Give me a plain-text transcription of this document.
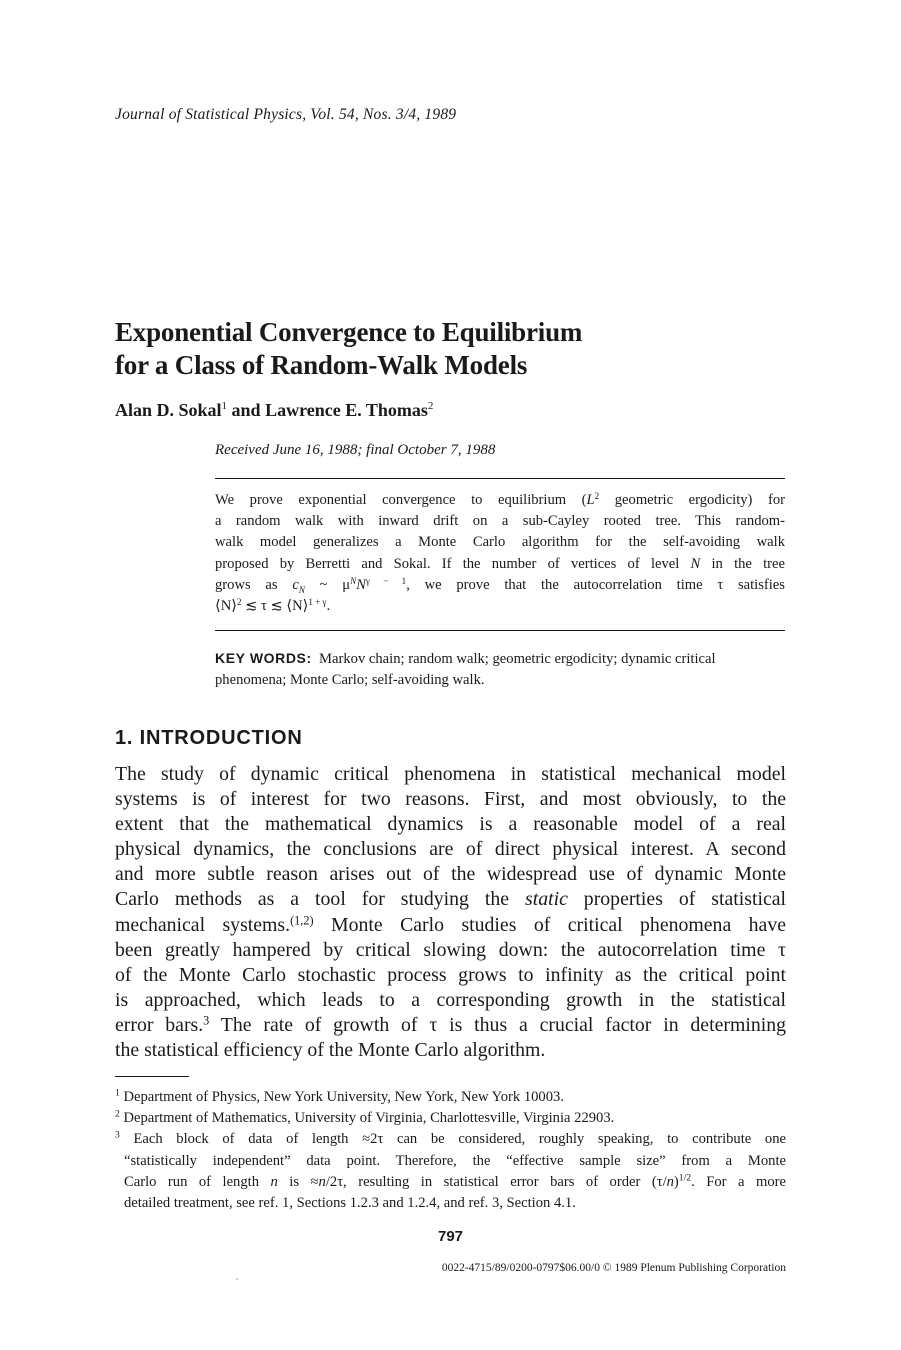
Journal of Statistical Physics, Vol. 54, Nos. 3/4, 1989
Exponential Convergence to Equilibrium
for a Class of Random-Walk Models
Alan D. Sokal$^1$ and Lawrence E. Thomas$^2$
Received June 16, 1988; final October 7, 1988
We prove exponential convergence to equilibrium ($L^2$ geometric ergodicity) for
a random walk with inward drift on a sub-Cayley rooted tree. This random-
walk model generalizes a Monte Carlo algorithm for the self-avoiding walk
proposed by Berretti and Sokal. If the number of vertices of level N in the tree
grows as $c_N$ ~ $\mu^NN^{\gamma - 1}$, we prove that the autocorrelation time τ satisfies
⟨N⟩$^2$ ≲ τ ≲ ⟨N⟩$^{1 + \gamma}$.
KEY WORDS: Markov chain; random walk; geometric ergodicity; dynamic critical phenomena; Monte Carlo; self-avoiding walk.
1. INTRODUCTION
The study of dynamic critical phenomena in statistical mechanical model
systems is of interest for two reasons. First, and most obviously, to the
extent that the mathematical dynamics is a reasonable model of a real
physical dynamics, the conclusions are of direct physical interest. A second
and more subtle reason arises out of the widespread use of dynamic Monte
Carlo methods as a tool for studying the static properties of statistical
mechanical systems.$^{(1,2)}$ Monte Carlo studies of critical phenomena have
been greatly hampered by critical slowing down: the autocorrelation time τ
of the Monte Carlo stochastic process grows to infinity as the critical point
is approached, which leads to a corresponding growth in the statistical
error bars.$^3$ The rate of growth of τ is thus a crucial factor in determining
the statistical efficiency of the Monte Carlo algorithm.
$^1$ Department of Physics, New York University, New York, New York 10003.
$^2$ Department of Mathematics, University of Virginia, Charlottesville, Virginia 22903.
$^3$ Each block of data of length ≈2τ can be considered, roughly speaking, to contribute one
“statistically independent” data point. Therefore, the “effective sample size” from a Monte
Carlo run of length n is ≈n/2τ, resulting in statistical error bars of order $(\tau/n)^{1/2}$. For a more
detailed treatment, see ref. 1, Sections 1.2.3 and 1.2.4, and ref. 3, Section 4.1.
797
0022-4715/89/0200-0797$06.00/0 © 1989 Plenum Publishing Corporation
